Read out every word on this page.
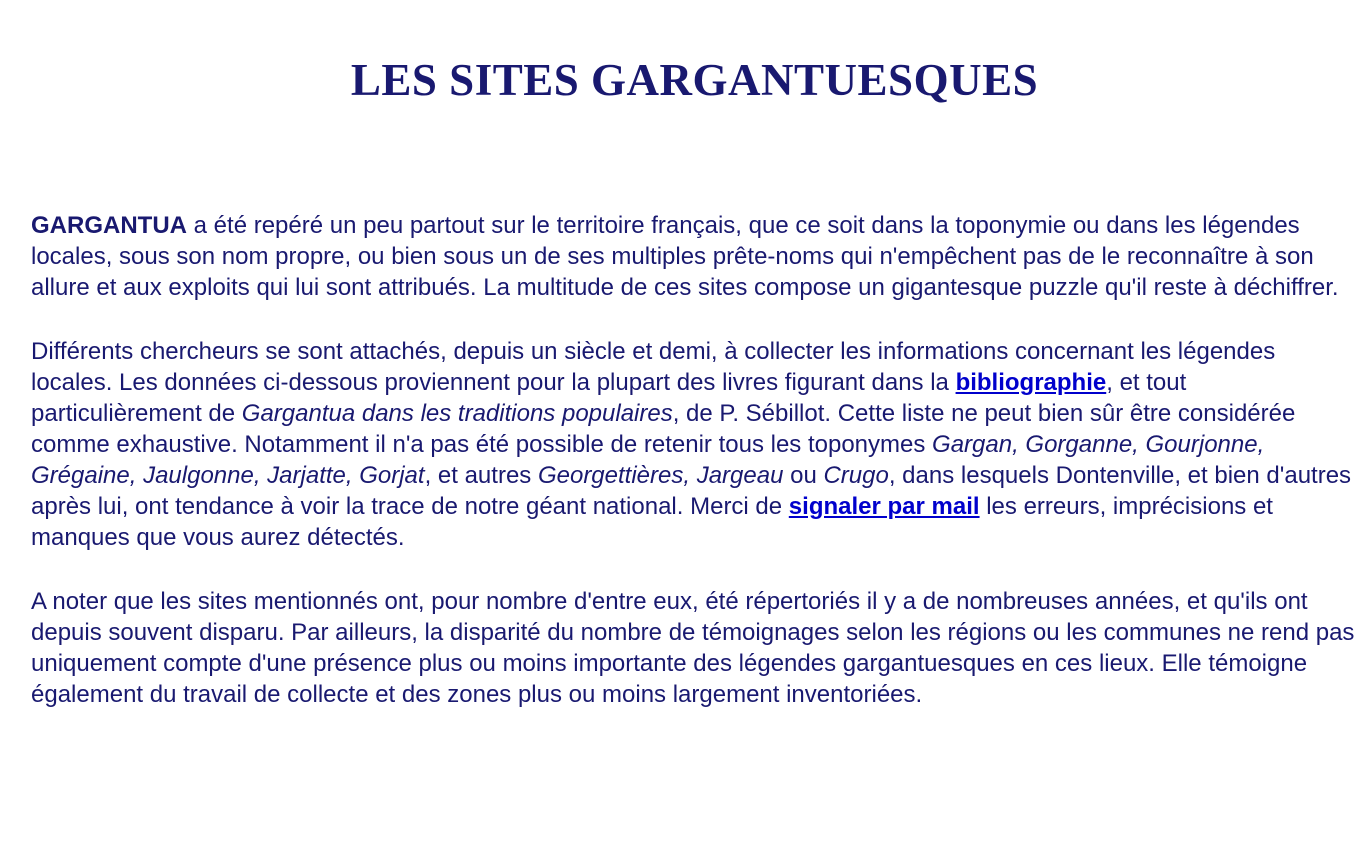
LES SITES GARGANTUESQUES

GARGANTUA a été repéré un peu partout sur le territoire français, que ce soit dans la toponymie ou dans les légendes locales, sous son nom propre, ou bien sous un de ses multiples prête-noms qui n'empêchent pas de le reconnaître à son allure et aux exploits qui lui sont attribués. La multitude de ces sites compose un gigantesque puzzle qu'il reste à déchiffrer.

Différents chercheurs se sont attachés, depuis un siècle et demi, à collecter les informations concernant les légendes locales. Les données ci-dessous proviennent pour la plupart des livres figurant dans la bibliographie, et tout particulièrement de Gargantua dans les traditions populaires, de P. Sébillot. Cette liste ne peut bien sûr être considérée comme exhaustive. Notamment il n'a pas été possible de retenir tous les toponymes Gargan, Gorganne, Gourjonne, Grégaine, Jaulgonne, Jarjatte, Gorjat, et autres Georgettières, Jargeau ou Crugo, dans lesquels Dontenville, et bien d'autres après lui, ont tendance à voir la trace de notre géant national. Merci de signaler par mail les erreurs, imprécisions et manques que vous aurez détectés.

A noter que les sites mentionnés ont, pour nombre d'entre eux, été répertoriés il y a de nombreuses années, et qu'ils ont depuis souvent disparu. Par ailleurs, la disparité du nombre de témoignages selon les régions ou les communes ne rend pas uniquement compte d'une présence plus ou moins importante des légendes gargantuesques en ces lieux. Elle témoigne également du travail de collecte et des zones plus ou moins largement inventoriées.
